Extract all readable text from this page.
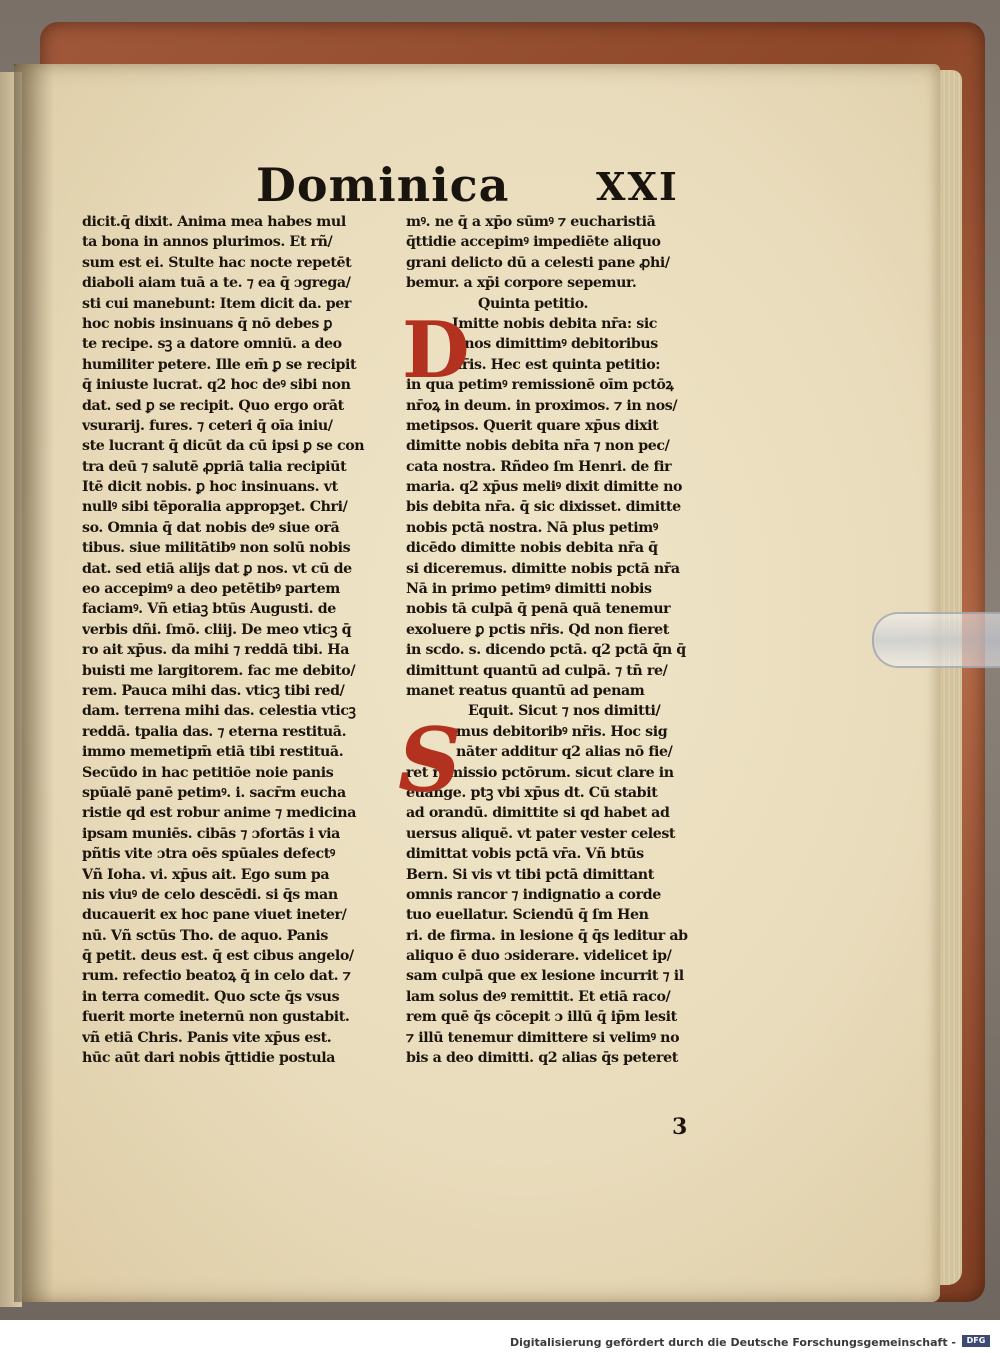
Dominica XXI
dicit.q̄ dixit. Anima mea habes mul
ta bona in annos plurimos. Et rñ/
sum est ei. Stulte hac nocte repetēt
diaboli aiam tuā a te. ⁊ ea q̄ ɔgrega/
sti cui manebunt: Item dicit da. per
hoc nobis insinuans q̄ nō debes ꝑ
te recipe. sꝫ a datore omniū. a deo
humiliter petere. Ille em̄ ꝑ se recipit
q̄ iniuste lucrat. q2 hoc deꝰ sibi non
dat. sed ꝑ se recipit. Quo ergo orāt
vsurarij. fures. ⁊ ceteri q̄ oīa iniu/
ste lucrant q̄ dicūt da cū ipsi ꝑ se con
tra deū ⁊ salutē ꝓpriā talia recipiūt
Itē dicit nobis. ꝑ hoc insinuans. vt
nullꝰ sibi tēporalia appropꝫet. Chri/
so. Omnia q̄ dat nobis deꝰ siue orā
tibus. siue militātibꝰ non solū nobis
dat. sed etiā alijs dat ꝑ nos. vt cū de
eo accepimꝰ a deo petētibꝰ partem
faciamꝰ. Vñ etiaꝫ btūs Augusti. de
verbis dñi. ſmō. cliij. De meo vticꝫ q̄
ro ait xp̄us. da mihi ⁊ reddā tibi. Ha
buisti me largitorem. fac me debito/
rem. Pauca mihi das. vticꝫ tibi red/
dam. terrena mihi das. celestia vticꝫ
reddā. tpalia das. ⁊ eterna restituā.
immo memetipm̄ etiā tibi restituā.
Secūdo in hac petitiōe noie panis
spūalē panē petimꝰ. i. sacr̄m eucha
ristie qd est robur anime ⁊ medicina
ipsam muniēs. cibās ⁊ ɔfortās i via
pñtis vite ɔtra oēs spūales defectꝰ
Vñ Ioha. vi. xp̄us ait. Ego sum pa
nis viuꝰ de celo descēdi. si q̄s man
ducauerit ex hoc pane viuet ineter/
nū. Vñ sctūs Tho. de aquo. Panis
q̄ petit. deus est. q̄ est cibus angelo/
rum. refectio beatoꝝ q̄ in celo dat. ⁊
in terra comedit. Quo scte q̄s vsus
fuerit morte ineternū non gustabit.
vñ etiā Chris. Panis vite xp̄us est.
hūc aūt dari nobis q̄ttidie postula
mꝰ. ne q̄ a xp̄o sūmꝰ ⁊ eucharistiā
q̄ttidie accepimꝰ impediēte aliquo
grani delicto dū a celesti pane ꝓhi/
bemur. a xp̄i corpore sepemur.
Quinta petitio.
Imitte nobis debita nr̄a: sic
⁊ nos dimittimꝰ debitoribus
nr̄is. Hec est quinta petitio:
in qua petimꝰ remissionē oīm pctōꝝ
nr̄oꝝ in deum. in proximos. ⁊ in nos/
metipsos. Querit quare xp̄us dixit
dimitte nobis debita nr̄a ⁊ non pec/
cata nostra. Rñdeo ſm Henri. de fir
maria. q2 xp̄us meliꝰ dixit dimitte no
bis debita nr̄a. q̄ sic dixisset. dimitte
nobis pctā nostra. Nā plus petimꝰ
dicēdo dimitte nobis debita nr̄a q̄
si diceremus. dimitte nobis pctā nr̄a
Nā in primo petimꝰ dimitti nobis
nobis tā culpā q̄ penā quā tenemur
exoluere ꝑ pctis nr̄is. Qd non fieret
in scdo. s. dicendo pctā. q2 pctā q̄n q̄
dimittunt quantū ad culpā. ⁊ tn̄ re/
manet reatus quantū ad penam
Equit. Sicut ⁊ nos dimitti/
mus debitoribꝰ nr̄is. Hoc sig
nāter additur q2 alias nō fie/
ret remissio pctōrum. sicut clare in
euange. ptꝫ vbi xp̄us dt. Cū stabit
ad orandū. dimittite si qd habet ad
uersus aliquē. vt pater vester celest
dimittat vobis pctā vr̄a. Vñ btūs
Bern. Si vis vt tibi pctā dimittant
omnis rancor ⁊ indignatio a corde
tuo euellatur. Sciendū q̄ ſm Hen
ri. de firma. in lesione q̄ q̄s leditur ab
aliquo ē duo ɔsiderare. videlicet ip/
sam culpā que ex lesione incurrit ⁊ il
lam solus deꝰ remittit. Et etiā raco/
rem quē q̄s cōcepit ɔ illū q̄ ip̄m lesit
⁊ illū tenemur dimittere si velimꝰ no
bis a deo dimitti. q2 alias q̄s peteret
D
S
3
Digitalisierung gefördert durch die Deutsche Forschungsgemeinschaft -	DFG
